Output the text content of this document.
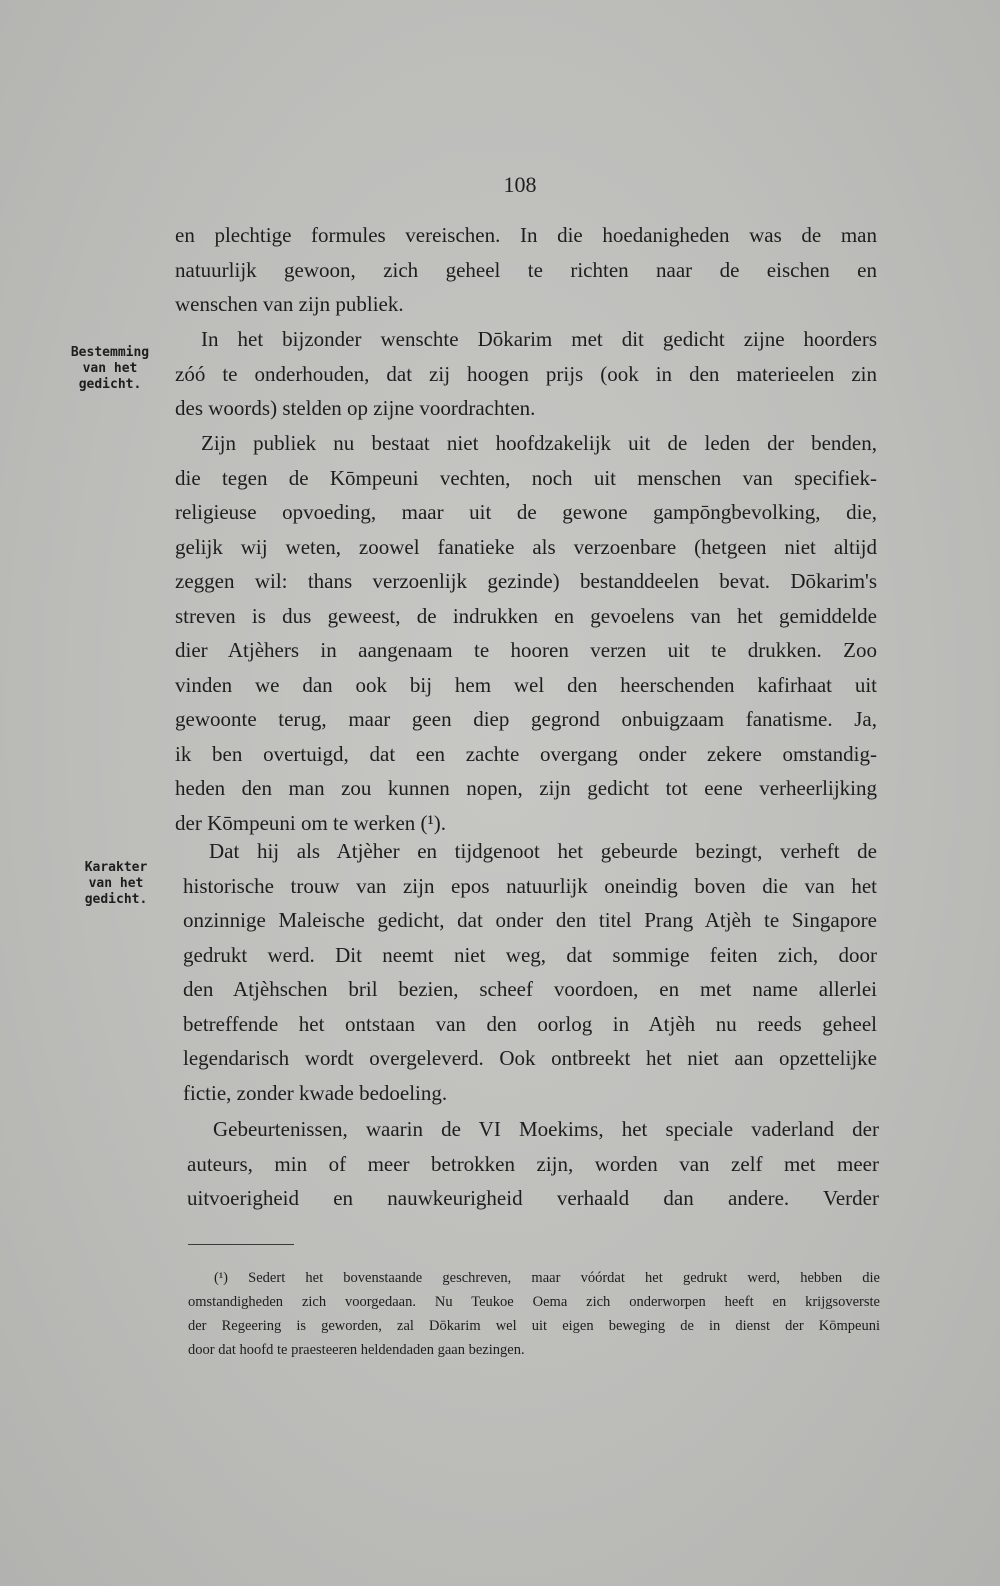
108
Bestemming
van het
gedicht.
Karakter
van het
gedicht.
en plechtige formules vereischen. In die hoedanigheden was de man
natuurlijk gewoon, zich geheel te richten naar de eischen en
wenschen van zijn publiek.
In het bijzonder wenschte Dōkarim met dit gedicht zijne hoorders
zóó te onderhouden, dat zij hoogen prijs (ook in den materieelen zin
des woords) stelden op zijne voordrachten.
Zijn publiek nu bestaat niet hoofdzakelijk uit de leden der benden,
die tegen de Kōmpeuni vechten, noch uit menschen van specifiek-
religieuse opvoeding, maar uit de gewone gampōngbevolking, die,
gelijk wij weten, zoowel fanatieke als verzoenbare (hetgeen niet altijd
zeggen wil: thans verzoenlijk gezinde) bestanddeelen bevat. Dōkarim's
streven is dus geweest, de indrukken en gevoelens van het gemiddelde
dier Atjèhers in aangenaam te hooren verzen uit te drukken. Zoo
vinden we dan ook bij hem wel den heerschenden kafirhaat uit
gewoonte terug, maar geen diep gegrond onbuigzaam fanatisme. Ja,
ik ben overtuigd, dat een zachte overgang onder zekere omstandig-
heden den man zou kunnen nopen, zijn gedicht tot eene verheerlijking
der Kōmpeuni om te werken (¹).
Dat hij als Atjèher en tijdgenoot het gebeurde bezingt, verheft de
historische trouw van zijn epos natuurlijk oneindig boven die van het
onzinnige Maleische gedicht, dat onder den titel Prang Atjèh te Singapore
gedrukt werd. Dit neemt niet weg, dat sommige feiten zich, door
den Atjèhschen bril bezien, scheef voordoen, en met name allerlei
betreffende het ontstaan van den oorlog in Atjèh nu reeds geheel
legendarisch wordt overgeleverd. Ook ontbreekt het niet aan opzettelijke
fictie, zonder kwade bedoeling.
Gebeurtenissen, waarin de VI Moekims, het speciale vaderland der
auteurs, min of meer betrokken zijn, worden van zelf met meer
uitvoerigheid en nauwkeurigheid verhaald dan andere. Verder
(¹) Sedert het bovenstaande geschreven, maar vóórdat het gedrukt werd, hebben die
omstandigheden zich voorgedaan. Nu Teukoe Oema zich onderworpen heeft en krijgsoverste
der Regeering is geworden, zal Dōkarim wel uit eigen beweging de in dienst der Kōmpeuni
door dat hoofd te praesteeren heldendaden gaan bezingen.
